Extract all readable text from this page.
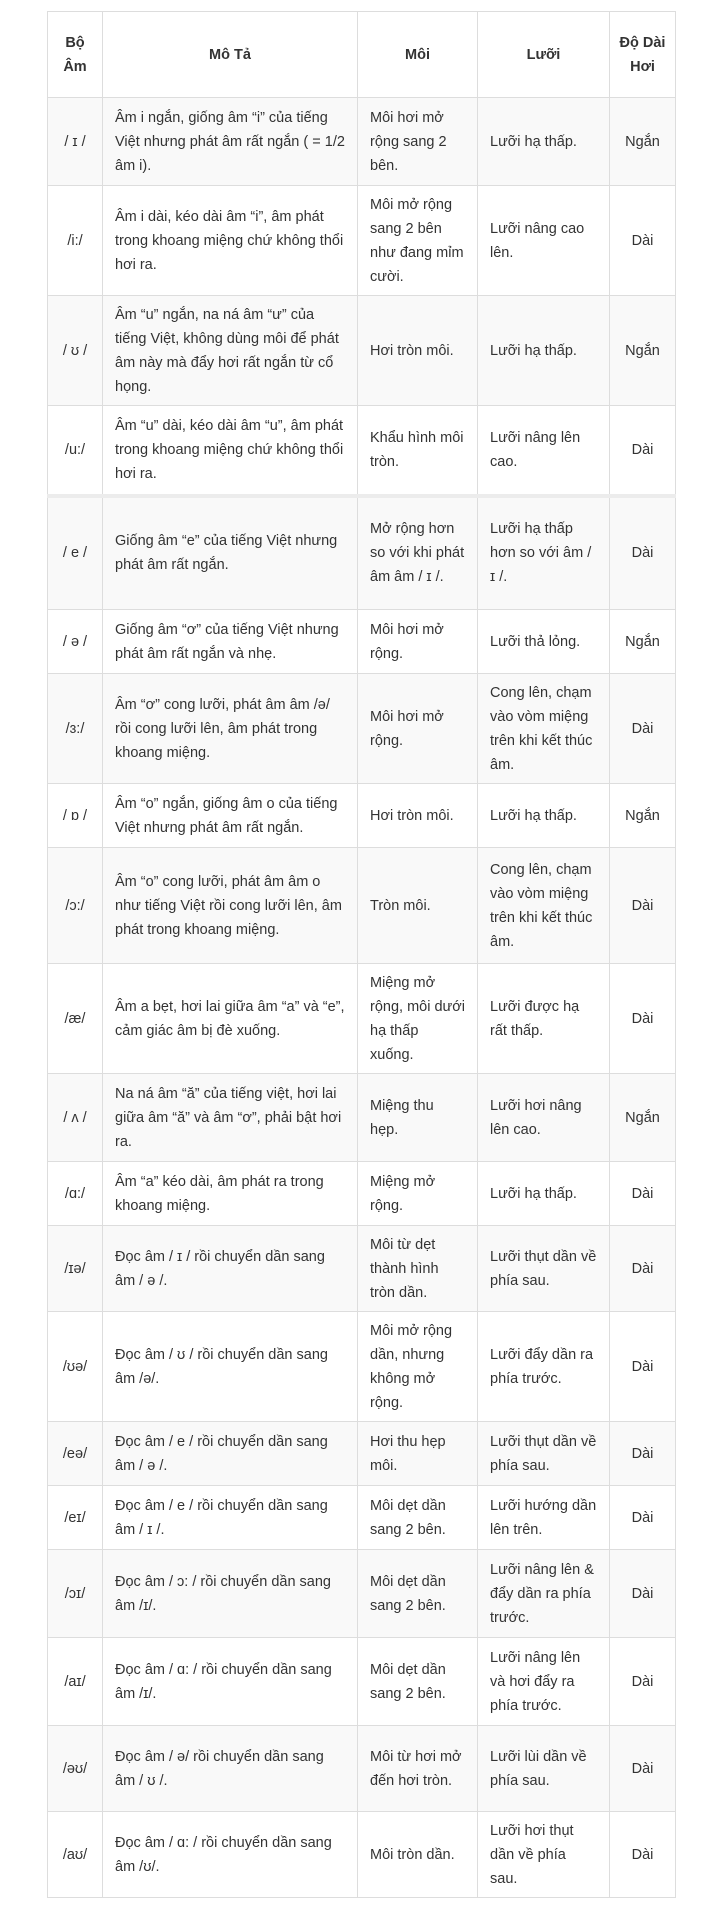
Bộ Âm	Mô Tả	Môi	Lưỡi	Độ Dài Hơi
/ ɪ /	Âm i ngắn, giống âm “i” của tiếng Việt nhưng phát âm rất ngắn ( = 1/2 âm i).	Môi hơi mở rộng sang 2 bên.	Lưỡi hạ thấp.	Ngắn
/i:/	Âm i dài, kéo dài âm “i”, âm phát trong khoang miệng chứ không thổi hơi ra.	Môi mở rộng sang 2 bên như đang mỉm cười.	Lưỡi nâng cao lên.	Dài
/ ʊ /	Âm “u” ngắn, na ná âm “ư” của tiếng Việt, không dùng môi để phát âm này mà đẩy hơi rất ngắn từ cổ họng.	Hơi tròn môi.	Lưỡi hạ thấp.	Ngắn
/u:/	Âm “u” dài, kéo dài âm “u”, âm phát trong khoang miệng chứ không thổi hơi ra.	Khẩu hình môi tròn.	Lưỡi nâng lên cao.	Dài
/ e /	Giống âm “e” của tiếng Việt nhưng phát âm rất ngắn.	Mở rộng hơn so với khi phát âm âm / ɪ /.	Lưỡi hạ thấp hơn so với âm / ɪ /.	Dài
/ ə /	Giống âm “ơ” của tiếng Việt nhưng phát âm rất ngắn và nhẹ.	Môi hơi mở rộng.	Lưỡi thả lỏng.	Ngắn
/ɜ:/	Âm “ơ” cong lưỡi, phát âm âm /ə/ rồi cong lưỡi lên, âm phát trong khoang miệng.	Môi hơi mở rộng.	Cong lên, chạm vào vòm miệng trên khi kết thúc âm.	Dài
/ ɒ /	Âm “o” ngắn, giống âm o của tiếng Việt nhưng phát âm rất ngắn.	Hơi tròn môi.	Lưỡi hạ thấp.	Ngắn
/ɔ:/	Âm “o” cong lưỡi, phát âm âm o như tiếng Việt rồi cong lưỡi lên, âm phát trong khoang miệng.	Tròn môi.	Cong lên, chạm vào vòm miệng trên khi kết thúc âm.	Dài
/æ/	Âm a bẹt, hơi lai giữa âm “a” và “e”, cảm giác âm bị đè xuống.	Miệng mở rộng, môi dưới hạ thấp xuống.	Lưỡi được hạ rất thấp.	Dài
/ ʌ /	Na ná âm “ă” của tiếng việt, hơi lai giữa âm “ă” và âm “ơ”, phải bật hơi ra.	Miệng thu hẹp.	Lưỡi hơi nâng lên cao.	Ngắn
/ɑ:/	Âm “a” kéo dài, âm phát ra trong khoang miệng.	Miệng mở rộng.	Lưỡi hạ thấp.	Dài
/ɪə/	Đọc âm / ɪ / rồi chuyển dần sang âm / ə /.	Môi từ dẹt thành hình tròn dần.	Lưỡi thụt dần về phía sau.	Dài
/ʊə/	Đọc âm / ʊ / rồi chuyển dần sang âm /ə/.	Môi mở rộng dần, nhưng không mở rộng.	Lưỡi đẩy dần ra phía trước.	Dài
/eə/	Đọc âm / e / rồi chuyển dần sang âm / ə /.	Hơi thu hẹp môi.	Lưỡi thụt dần về phía sau.	Dài
/eɪ/	Đọc âm / e / rồi chuyển dần sang âm / ɪ /.	Môi dẹt dần sang 2 bên.	Lưỡi hướng dần lên trên.	Dài
/ɔɪ/	Đọc âm / ɔ: / rồi chuyển dần sang âm /ɪ/.	Môi dẹt dần sang 2 bên.	Lưỡi nâng lên & đẩy dần ra phía trước.	Dài
/aɪ/	Đọc âm / ɑ: / rồi chuyển dần sang âm /ɪ/.	Môi dẹt dần sang 2 bên.	Lưỡi nâng lên và hơi đẩy ra phía trước.	Dài
/əʊ/	Đọc âm / ə/ rồi chuyển dần sang âm / ʊ /.	Môi từ hơi mở đến hơi tròn.	Lưỡi lùi dần về phía sau.	Dài
/aʊ/	Đọc âm / ɑ: / rồi chuyển dần sang âm /ʊ/.	Môi tròn dần.	Lưỡi hơi thụt dần về phía sau.	Dài
